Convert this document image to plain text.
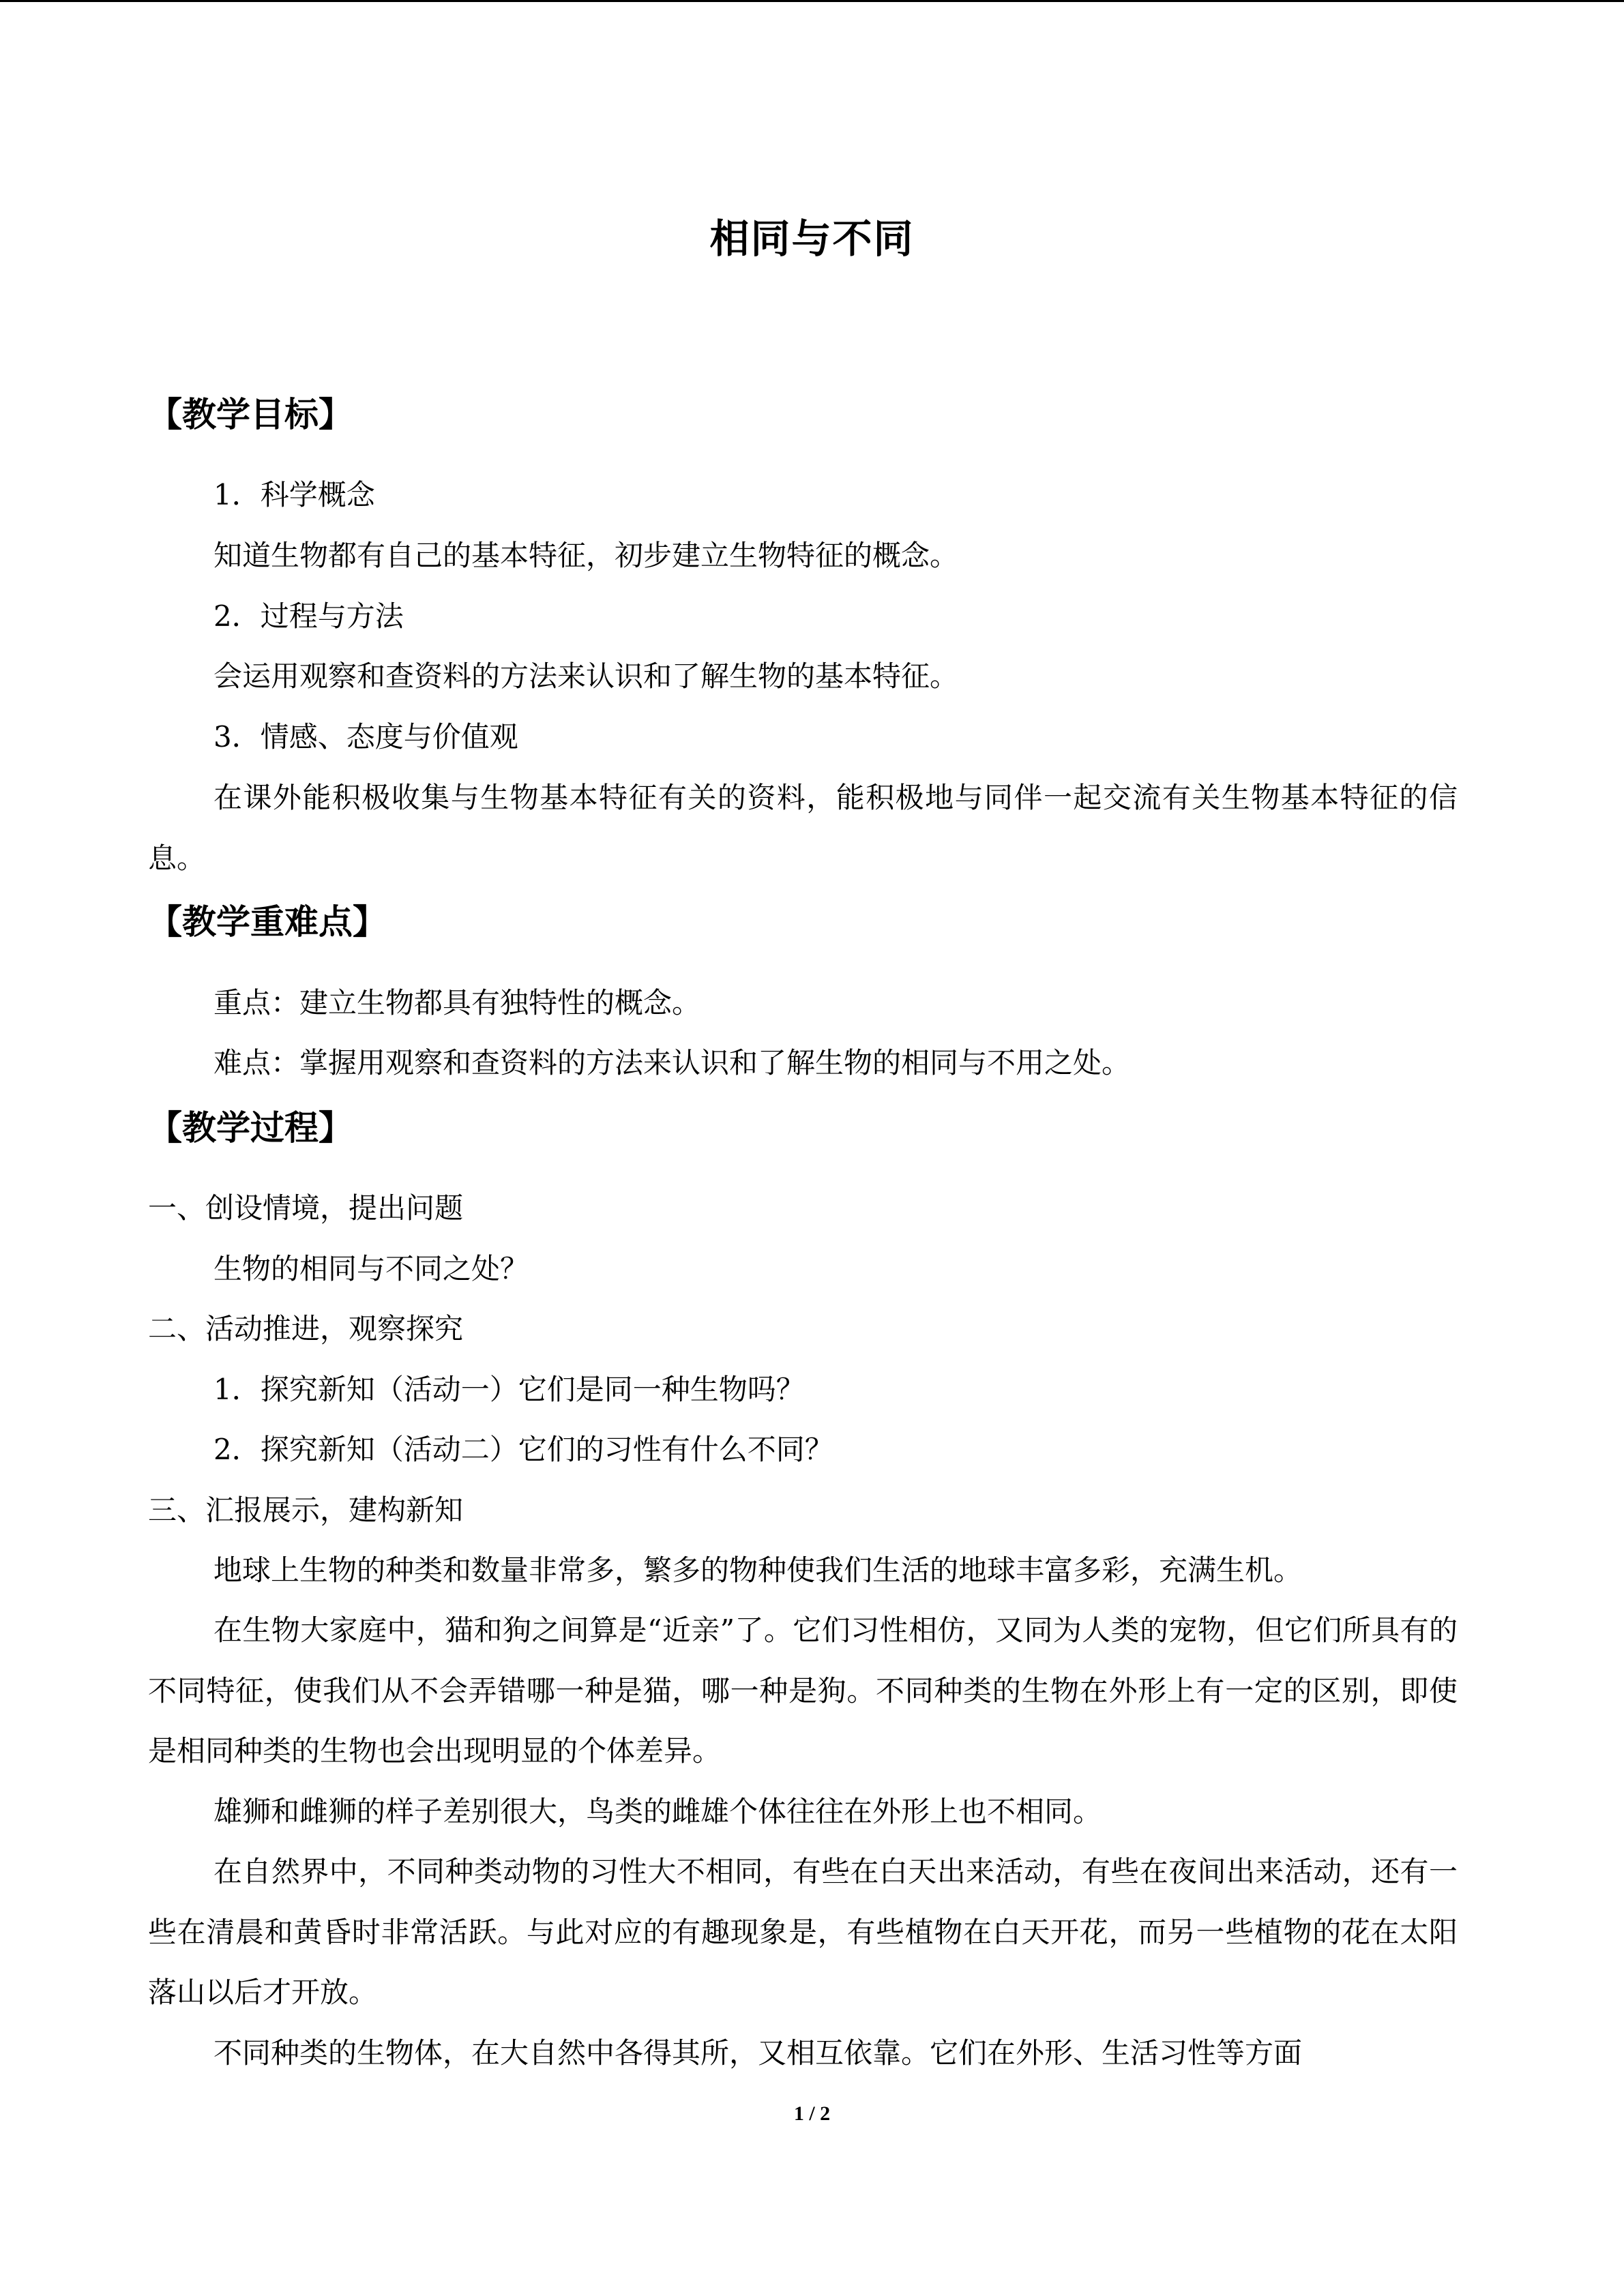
相同与不同
【教学目标】
1．科学概念
知道生物都有自己的基本特征，初步建立生物特征的概念。
2．过程与方法
会运用观察和查资料的方法来认识和了解生物的基本特征。
3．情感、态度与价值观
在课外能积极收集与生物基本特征有关的资料，能积极地与同伴一起交流有关生物基本特征的信息。
【教学重难点】
重点：建立生物都具有独特性的概念。
难点：掌握用观察和查资料的方法来认识和了解生物的相同与不用之处。
【教学过程】
一、创设情境，提出问题
生物的相同与不同之处？
二、活动推进，观察探究
1．探究新知（活动一）它们是同一种生物吗？
2．探究新知（活动二）它们的习性有什么不同？
三、汇报展示，建构新知
地球上生物的种类和数量非常多，繁多的物种使我们生活的地球丰富多彩，充满生机。
在生物大家庭中，猫和狗之间算是“近亲”了。它们习性相仿，又同为人类的宠物，但它们所具有的不同特征，使我们从不会弄错哪一种是猫，哪一种是狗。不同种类的生物在外形上有一定的区别，即使是相同种类的生物也会出现明显的个体差异。
雄狮和雌狮的样子差别很大，鸟类的雌雄个体往往在外形上也不相同。
在自然界中，不同种类动物的习性大不相同，有些在白天出来活动，有些在夜间出来活动，还有一些在清晨和黄昏时非常活跃。与此对应的有趣现象是，有些植物在白天开花，而另一些植物的花在太阳落山以后才开放。
不同种类的生物体，在大自然中各得其所，又相互依靠。它们在外形、生活习性等方面
1 / 2
